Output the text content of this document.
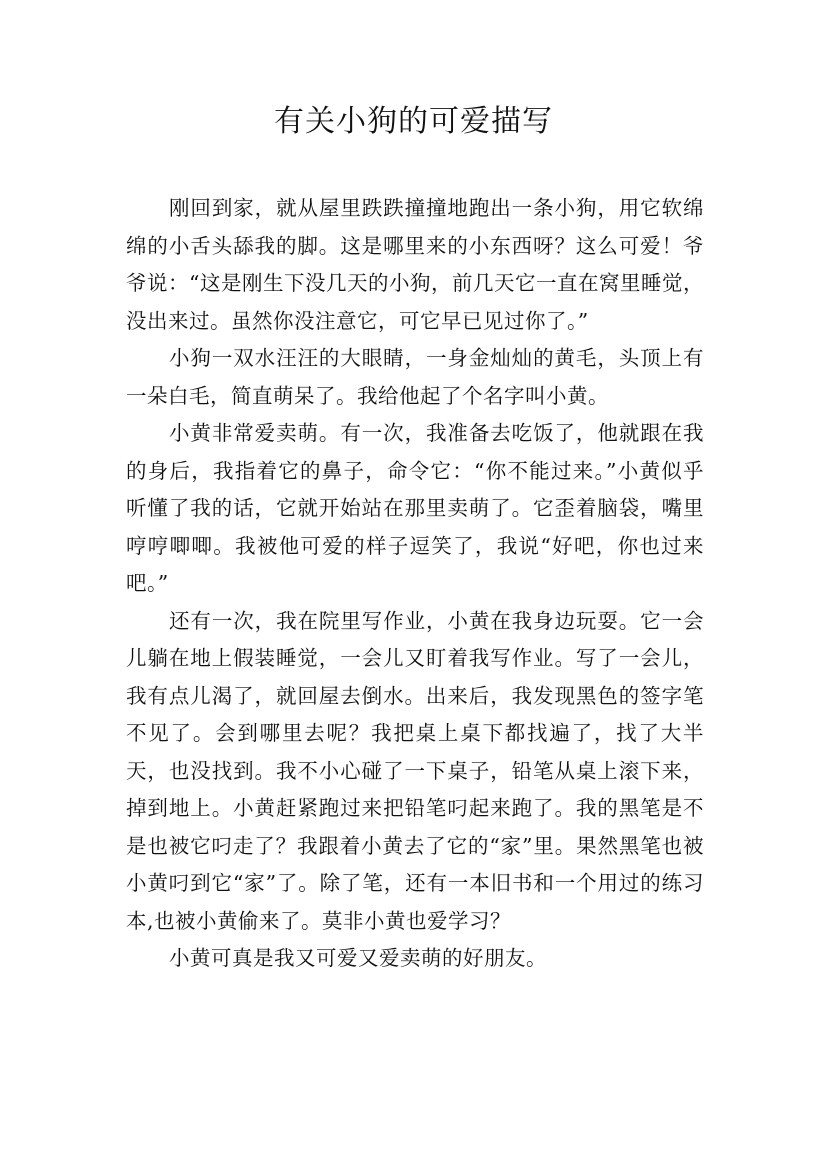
有关小狗的可爱描写

刚回到家，就从屋里跌跌撞撞地跑出一条小狗，用它软绵绵的小舌头舔我的脚。这是哪里来的小东西呀？这么可爱！爷爷说：“这是刚生下没几天的小狗，前几天它一直在窝里睡觉，没出来过。虽然你没注意它，可它早已见过你了。”

小狗一双水汪汪的大眼睛，一身金灿灿的黄毛，头顶上有一朵白毛，简直萌呆了。我给他起了个名字叫小黄。

小黄非常爱卖萌。有一次，我准备去吃饭了，他就跟在我的身后，我指着它的鼻子，命令它：“你不能过来。”小黄似乎听懂了我的话，它就开始站在那里卖萌了。它歪着脑袋，嘴里哼哼唧唧。我被他可爱的样子逗笑了，我说“好吧，你也过来吧。”

还有一次，我在院里写作业，小黄在我身边玩耍。它一会儿躺在地上假装睡觉，一会儿又盯着我写作业。写了一会儿，我有点儿渴了，就回屋去倒水。出来后，我发现黑色的签字笔不见了。会到哪里去呢？我把桌上桌下都找遍了，找了大半天，也没找到。我不小心碰了一下桌子，铅笔从桌上滚下来，掉到地上。小黄赶紧跑过来把铅笔叼起来跑了。我的黑笔是不是也被它叼走了？我跟着小黄去了它的“家”里。果然黑笔也被小黄叼到它“家”了。除了笔，还有一本旧书和一个用过的练习本,也被小黄偷来了。莫非小黄也爱学习？

小黄可真是我又可爱又爱卖萌的好朋友。
